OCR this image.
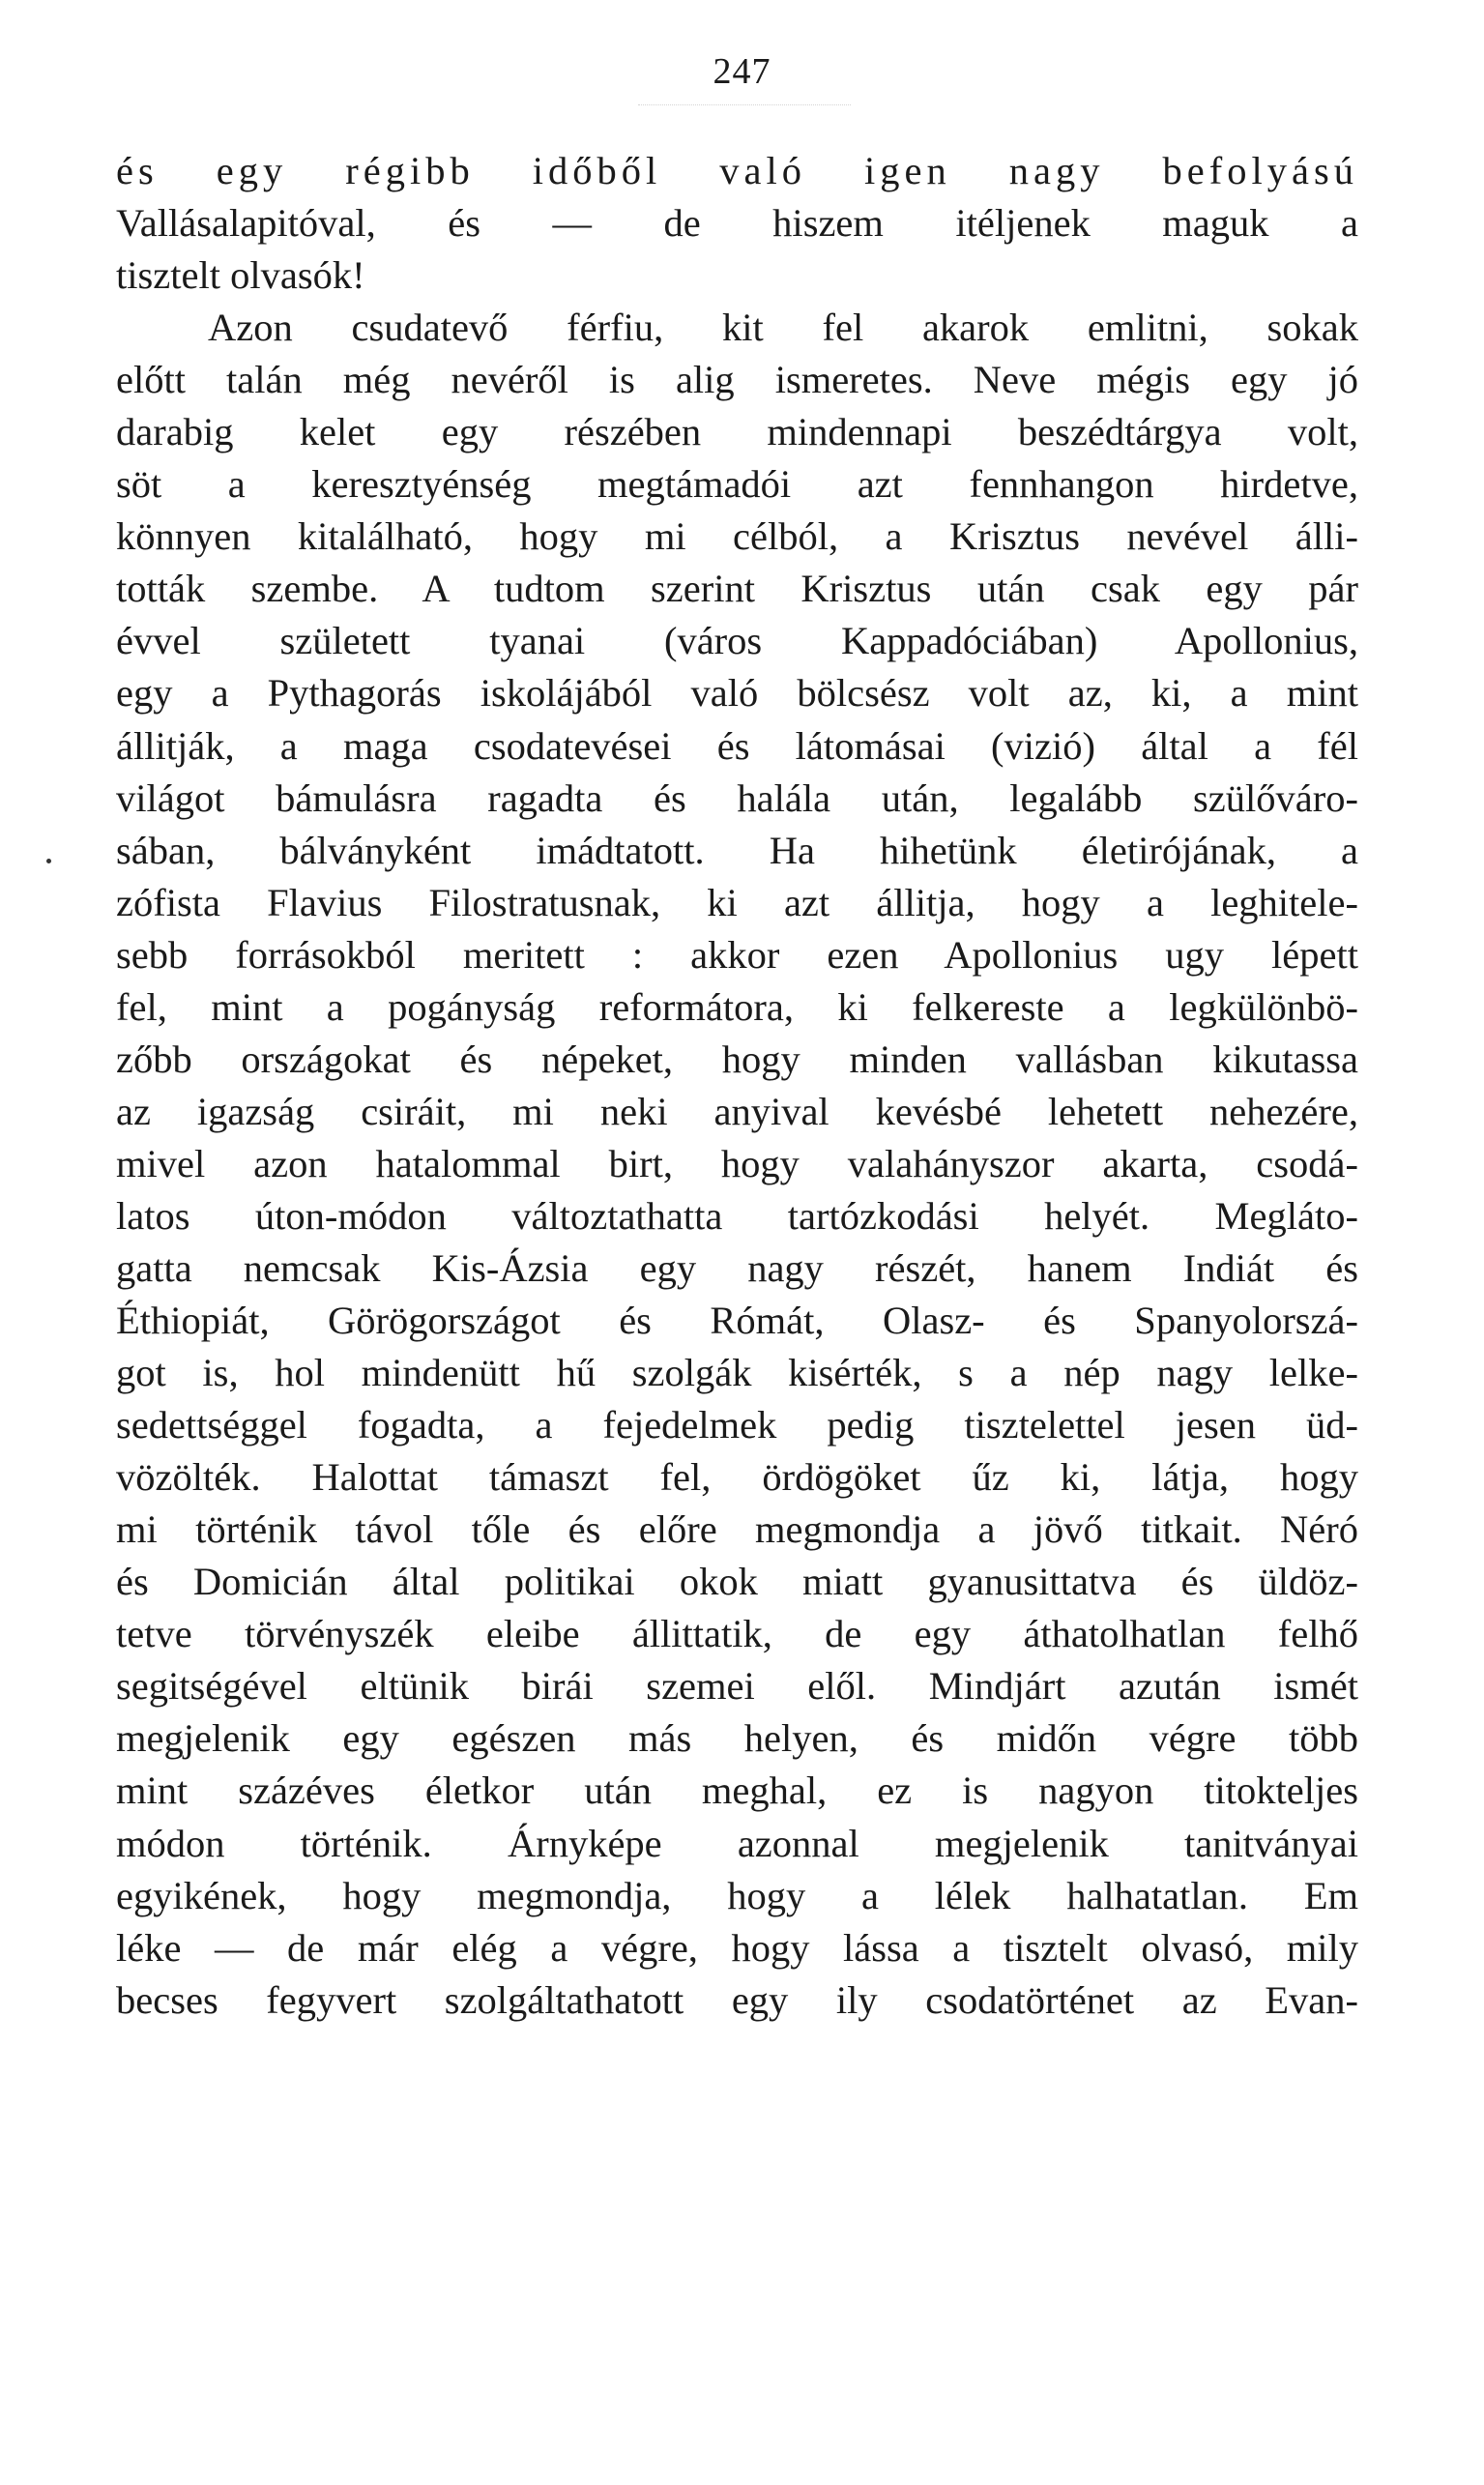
247
és egy régibb időből való igen nagy befolyású
Vallásalapitóval, és — de hiszem itéljenek maguk a
tisztelt olvasók!
Azon csudatevő férfiu, kit fel akarok emlitni, sokak
előtt talán még nevéről is alig ismeretes. Neve mégis egy jó
darabig kelet egy részében mindennapi beszédtárgya volt,
söt a keresztyénség megtámadói azt fennhangon hirdetve,
könnyen kitalálható, hogy mi célból, a Krisztus nevével álli-
tották szembe. A tudtom szerint Krisztus után csak egy pár
évvel született tyanai (város Kappadóciában) Apollonius,
egy a Pythagorás iskolájából való bölcsész volt az, ki, a mint
állitják, a maga csodatevései és látomásai (vizió) által a fél
világot bámulásra ragadta és halála után, legalább szülőváro-
sában, bálványként imádtatott. Ha hihetünk életirójának, a
zófista Flavius Filostratusnak, ki azt állitja, hogy a leghitele-
sebb forrásokból meritett : akkor ezen Apollonius ugy lépett
fel, mint a pogányság reformátora, ki felkereste a legkülönbö-
zőbb országokat és népeket, hogy minden vallásban kikutassa
az igazság csiráit, mi neki anyival kevésbé lehetett nehezére,
mivel azon hatalommal birt, hogy valahányszor akarta, csodá-
latos úton-módon változtathatta tartózkodási helyét. Meglátо-
gatta nemcsak Kis-Ázsia egy nagy részét, hanem Indiát és
Éthiopiát, Görögországot és Rómát, Olasz- és Spanyolorszá-
got is, hol mindenütt hű szolgák kisérték, s a nép nagy lelke-
sedettséggel fogadta, a fejedelmek pedig tisztelettel jesen üd-
vözölték. Halottat támaszt fel, ördögöket űz ki, látja, hogy
mi történik távol tőle és előre megmondja a jövő titkait. Néró
és Domicián által politikai okok miatt gyanusittatva és üldöz-
tetve törvényszék eleibe állittatik, de egy áthatolhatlan felhő
segitségével eltünik birái szemei elől. Mindjárt azután ismét
megjelenik egy egészen más helyen, és midőn végre több
mint százéves életkor után meghal, ez is nagyon titokteljes
módon történik. Árnyképe azonnal megjelenik tanitványai
egyikének, hogy megmondja, hogy a lélek halhatatlan. Em
léke — de már elég a végre, hogy lássa a tisztelt olvasó, mily
becses fegyvert szolgáltathatott egy ily csodatörténet az Evan-
